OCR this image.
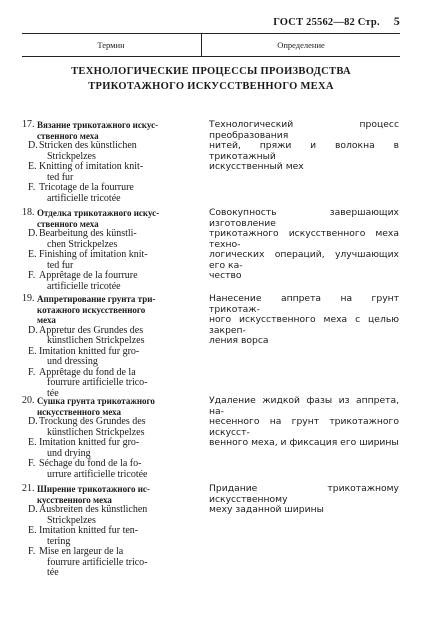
ГОСТ 25562—82 Стр. 5
Термин	Определение
ТЕХНОЛОГИЧЕСКИЕ ПРОЦЕССЫ ПРОИЗВОДСТВА
ТРИКОТАЖНОГО ИСКУССТВЕННОГО МЕХА
17. Вязание трикотажного искус-
ственного меха
D. Stricken des künstlichen
Strickpelzes
E. Knitting of imitation knit-
ted fur
F. Tricotage de la fourrure
artificielle tricotée
Технологический процесс преобразования
нитей, пряжи и волокна в трикотажный
искусственный мех
18. Отделка трикотажного искус-
ственного меха
D. Bearbeitung des künstli-
chen Strickpelzes
E. Finishing of imitation knit-
ted fur
F. Apprêtage de la fourrure
artificielle tricotée
Совокупность завершающих изготовление
трикотажного искусственного меха техно-
логических операций, улучшающих его ка-
чество
19. Аппретирование грунта три-
котажного искусственного
меха
D. Appretur des Grundes des
künstlichen Strickpelzes
E. Imitation knitted fur gro-
und dressing
F. Apprêtage du fond de la
fourrure artificielle trico-
tée
Нанесение аппрета на грунт трикотаж-
ного искусственного меха с целью закреп-
ления ворса
20. Сушка грунта трикотажного
искусственного меха
D. Trockung des Grundes des
künstlichen Strickpelzes
E. Imitation knitted fur gro-
und drying
F. Séchage du fond de la fo-
urrure artificielle tricotée
Удаление жидкой фазы из аппрета, на-
несенного на грунт трикотажного искусст-
венного меха, и фиксация его ширины
21. Ширение трикотажного ис-
кусственного меха
D. Ausbreiten des künstlichen
Strickpelzes
E. Imitation knitted fur ten-
tering
F. Mise en largeur de la
fourrure artificielle trico-
tée
Придание трикотажному искусственному
меху заданной ширины
